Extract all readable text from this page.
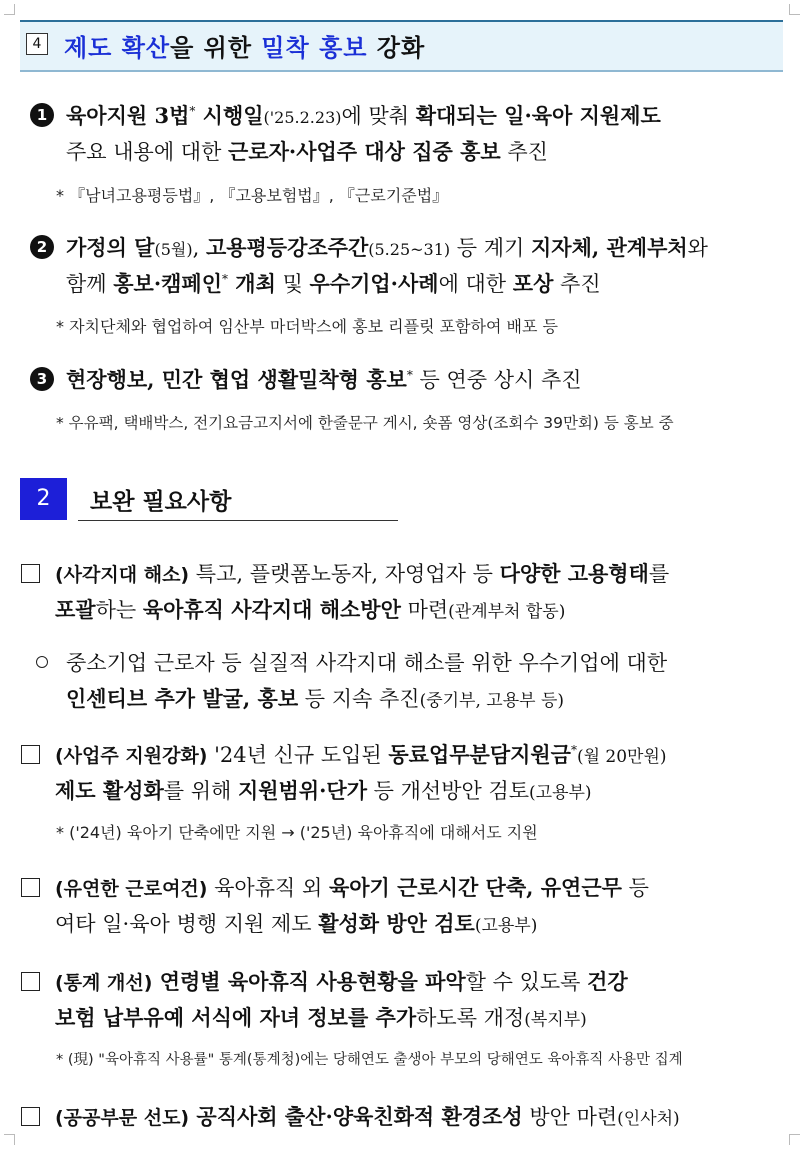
4 제도 확산을 위한 밀착 홍보 강화
1 육아지원 3법* 시행일('25.2.23)에 맞춰 확대되는 일·육아 지원제도
주요 내용에 대한 근로자·사업주 대상 집중 홍보 추진
* 『남녀고용평등법』, 『고용보험법』, 『근로기준법』
2 가정의 달(5월), 고용평등강조주간(5.25~31) 등 계기 지자체, 관계부처와
함께 홍보·캠페인* 개최 및 우수기업·사례에 대한 포상 추진
* 자치단체와 협업하여 임산부 마더박스에 홍보 리플릿 포함하여 배포 등
3 현장행보, 민간 협업 생활밀착형 홍보* 등 연중 상시 추진
* 우유팩, 택배박스, 전기요금고지서에 한줄문구 게시, 숏폼 영상(조회수 39만회) 등 홍보 중
2	보완 필요사항
(사각지대 해소) 특고, 플랫폼노동자, 자영업자 등 다양한 고용형태를
포괄하는 육아휴직 사각지대 해소방안 마련(관계부처 합동)
중소기업 근로자 등 실질적 사각지대 해소를 위한 우수기업에 대한
인센티브 추가 발굴, 홍보 등 지속 추진(중기부, 고용부 등)
(사업주 지원강화) '24년 신규 도입된 동료업무분담지원금*(월 20만원)
제도 활성화를 위해 지원범위·단가 등 개선방안 검토(고용부)
* ('24년) 육아기 단축에만 지원 → ('25년) 육아휴직에 대해서도 지원
(유연한 근로여건) 육아휴직 외 육아기 근로시간 단축, 유연근무 등
여타 일·육아 병행 지원 제도 활성화 방안 검토(고용부)
(통계 개선) 연령별 육아휴직 사용현황을 파악할 수 있도록 건강
보험 납부유예 서식에 자녀 정보를 추가하도록 개정(복지부)
* (現) "육아휴직 사용률" 통계(통계청)에는 당해연도 출생아 부모의 당해연도 육아휴직 사용만 집계
(공공부문 선도) 공직사회 출산·양육친화적 환경조성 방안 마련(인사처)
